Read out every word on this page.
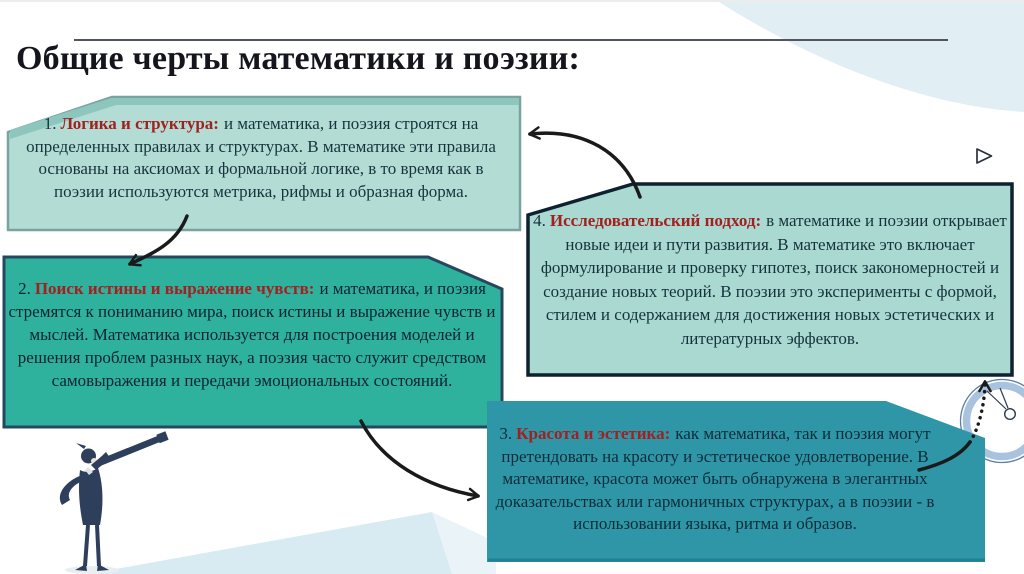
Общие черты математики и поэзии:
1. Логика и структура: и математика, и поэзия строятся на определенных правилах и структурах. В математике эти правила основаны на аксиомах и формальной логике, в то время как в поэзии используются метрика, рифмы и образная форма.
2. Поиск истины и выражение чувств: и математика, и поэзия стремятся к пониманию мира, поиск истины и выражение чувств и мыслей. Математика используется для построения моделей и решения проблем разных наук, а поэзия часто служит средством самовыражения и передачи эмоциональных состояний.
4. Исследовательский подход: в математике и поэзии открывает новые идеи и пути развития. В математике это включает формулирование и проверку гипотез, поиск закономерностей и создание новых теорий. В поэзии это эксперименты с формой, стилем и содержанием для достижения новых эстетических и литературных эффектов.
3. Красота и эстетика: как математика, так и поэзия могут претендовать на красоту и эстетическое удовлетворение. В математике, красота может быть обнаружена в элегантных доказательствах или гармоничных структурах, а в поэзии - в использовании языка, ритма и образов.
